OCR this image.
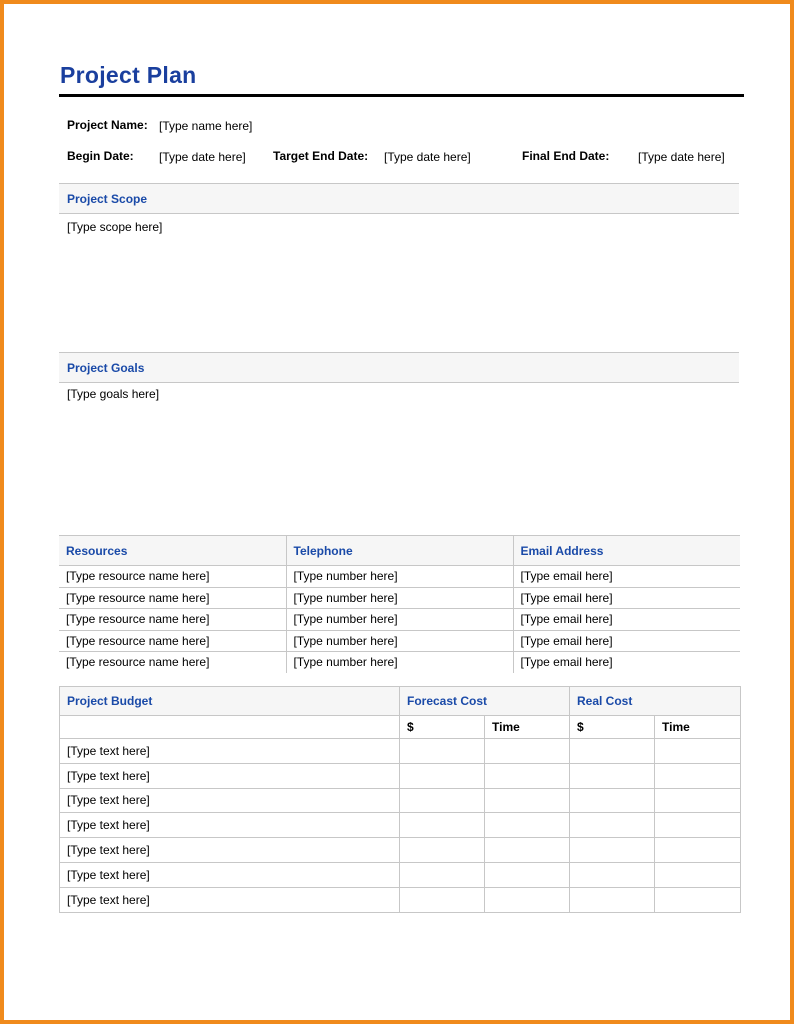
Project Plan
Project Name: [Type name here]
Begin Date: [Type date here] Target End Date: [Type date here]	Final End Date: [Type date here]
Project Scope
[Type scope here]
Project Goals
[Type goals here]
Resources	Telephone	Email Address
[Type resource name here]	[Type number here]	[Type email here]
[Type resource name here]	[Type number here]	[Type email here]
[Type resource name here]	[Type number here]	[Type email here]
[Type resource name here]	[Type number here]	[Type email here]
[Type resource name here]	[Type number here]	[Type email here]
Project Budget	Forecast Cost		Real Cost	
	$	Time	$	Time
[Type text here]				
[Type text here]				
[Type text here]				
[Type text here]				
[Type text here]				
[Type text here]				
[Type text here]				
